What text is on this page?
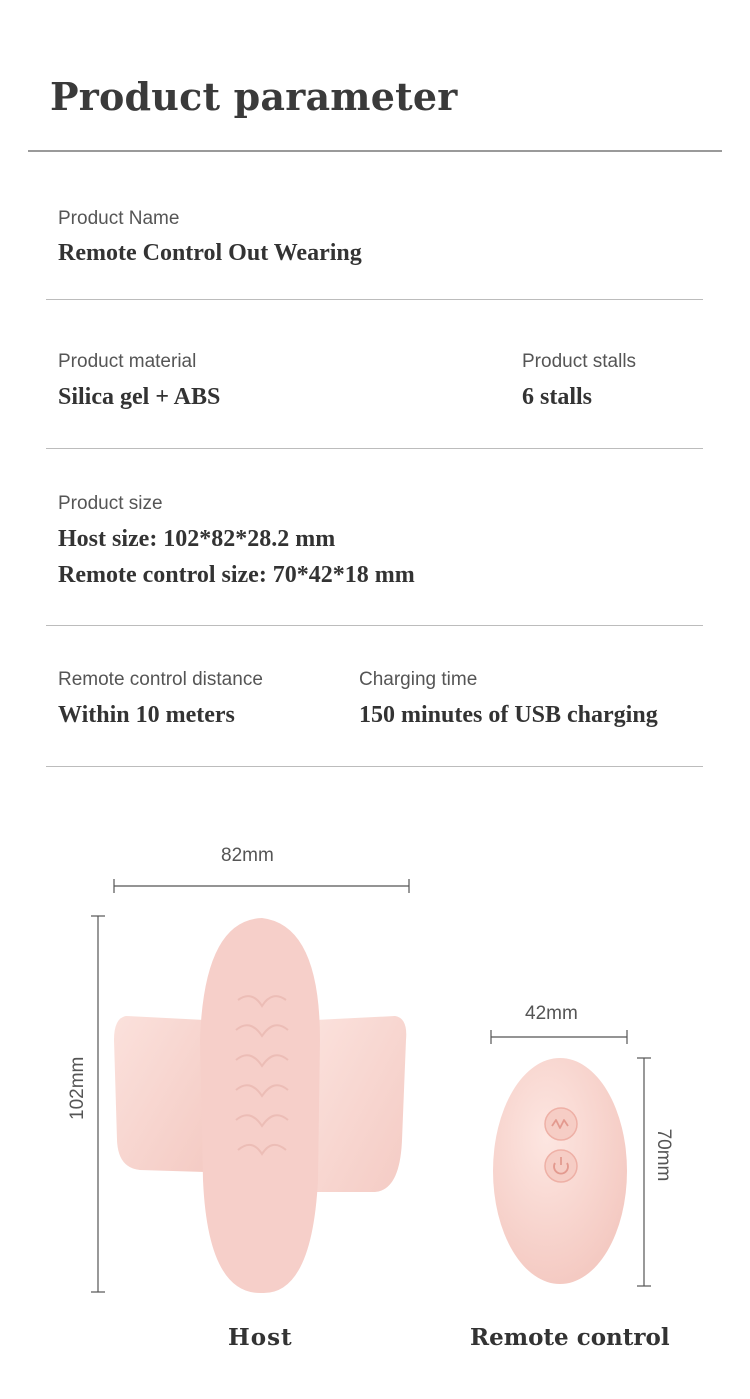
Product parameter
Product Name
Remote Control Out Wearing
Product material
Silica gel + ABS
Product stalls
6 stalls
Product size
Host size: 102*82*28.2 mm
Remote control size: 70*42*18 mm
Remote control distance
Within 10 meters
Charging time
150 minutes of USB charging
82mm
102mm
42mm
70mm
Host	Remote control
